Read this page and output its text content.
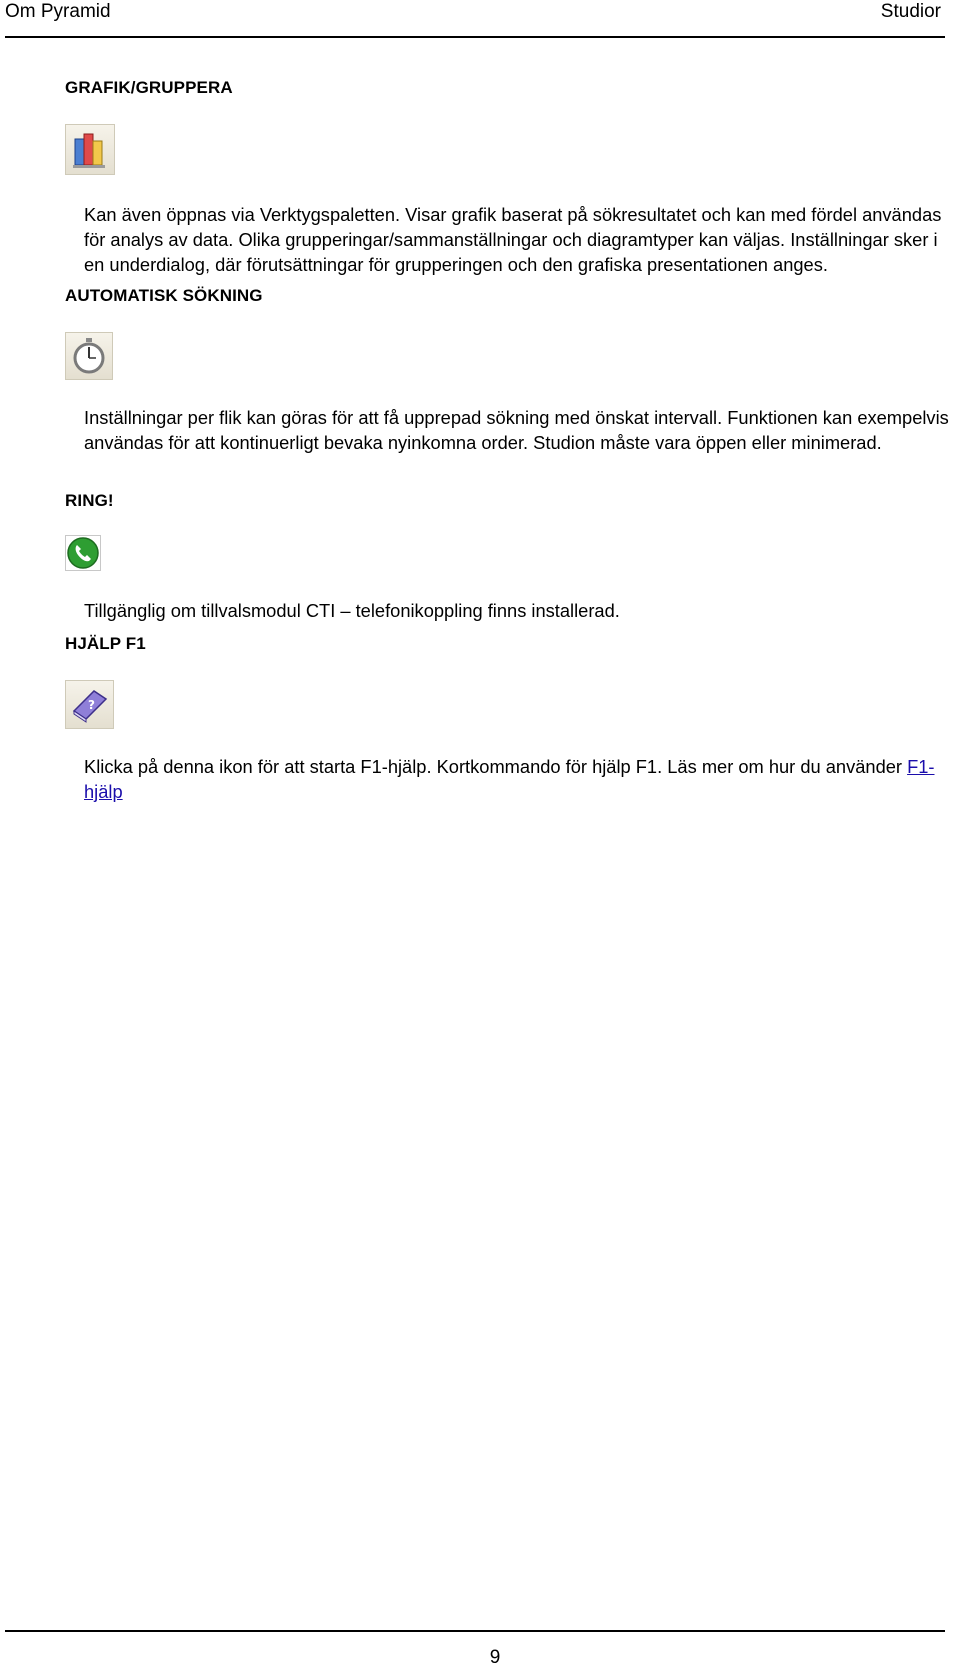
Om Pyramid	Studior
GRAFIK/GRUPPERA

Kan även öppnas via Verktygspaletten. Visar grafik baserat på sökresultatet och kan med fördel användas för analys av data. Olika grupperingar/sammanställningar och diagramtyper kan väljas. Inställningar sker i en underdialog, där förutsättningar för grupperingen och den grafiska presentationen anges.

AUTOMATISK SÖKNING

Inställningar per flik kan göras för att få upprepad sökning med önskat intervall. Funktionen kan exempelvis användas för att kontinuerligt bevaka nyinkomna order. Studion måste vara öppen eller minimerad.

RING!

Tillgänglig om tillvalsmodul CTI – telefonikoppling finns installerad.

HJÄLP F1
?

Klicka på denna ikon för att starta F1-hjälp. Kortkommando för hjälp F1. Läs mer om hur du använder F1-hjälp

9
